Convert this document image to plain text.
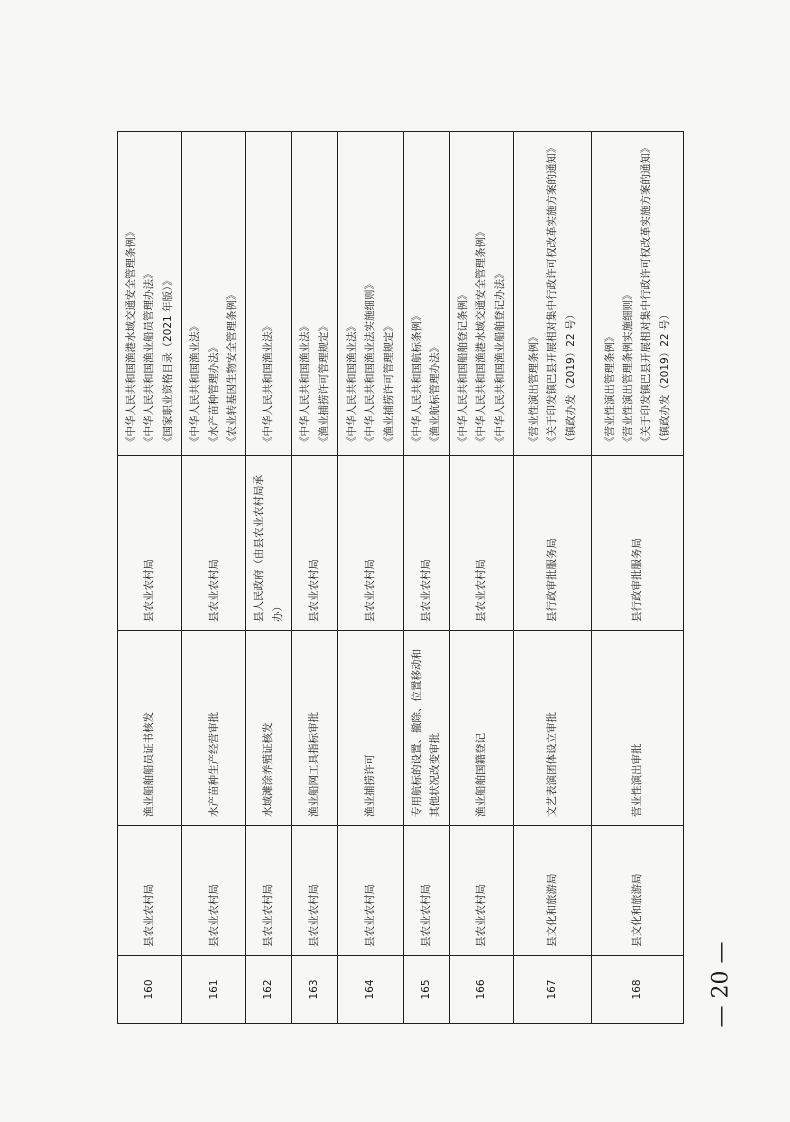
160	县农业农村局	渔业船舶船员证书核发	县农业农村局	《中华人民共和国渔港水域交通安全管理条例》 《中华人民共和国渔业船员管理办法》 《国家职业资格目录（2021 年版）》

161	县农业农村局	水产苗种生产经营审批	县农业农村局	《中华人民共和国渔业法》 《水产苗种管理办法》 《农业转基因生物安全管理条例》

162	县农业农村局	水域滩涂养殖证核发	县人民政府（由县农业农村局承办）	《中华人民共和国渔业法》

163	县农业农村局	渔业船网工具指标审批	县农业农村局	《中华人民共和国渔业法》 《渔业捕捞许可管理规定》

164	县农业农村局	渔业捕捞许可	县农业农村局	《中华人民共和国渔业法》 《中华人民共和国渔业法实施细则》 《渔业捕捞许可管理规定》

165	县农业农村局	专用航标的设置、撤除、位置移动和其他状况改变审批	县农业农村局	《中华人民共和国航标条例》 《渔业航标管理办法》

166	县农业农村局	渔业船舶国籍登记	县农业农村局	《中华人民共和国船舶登记条例》 《中华人民共和国渔港水域交通安全管理条例》 《中华人民共和国渔业船舶登记办法》

167	县文化和旅游局	文艺表演团体设立审批	县行政审批服务局	《营业性演出管理条例》 《关于印发镇巴县开展相对集中行政许可权改革实施方案的通知》（镇政办发（2019）22 号）

168	县文化和旅游局	营业性演出审批	县行政审批服务局	《营业性演出管理条例》 《营业性演出管理条例实施细则》 《关于印发镇巴县开展相对集中行政许可权改革实施方案的通知》（镇政办发（2019）22 号）
— 20 —
